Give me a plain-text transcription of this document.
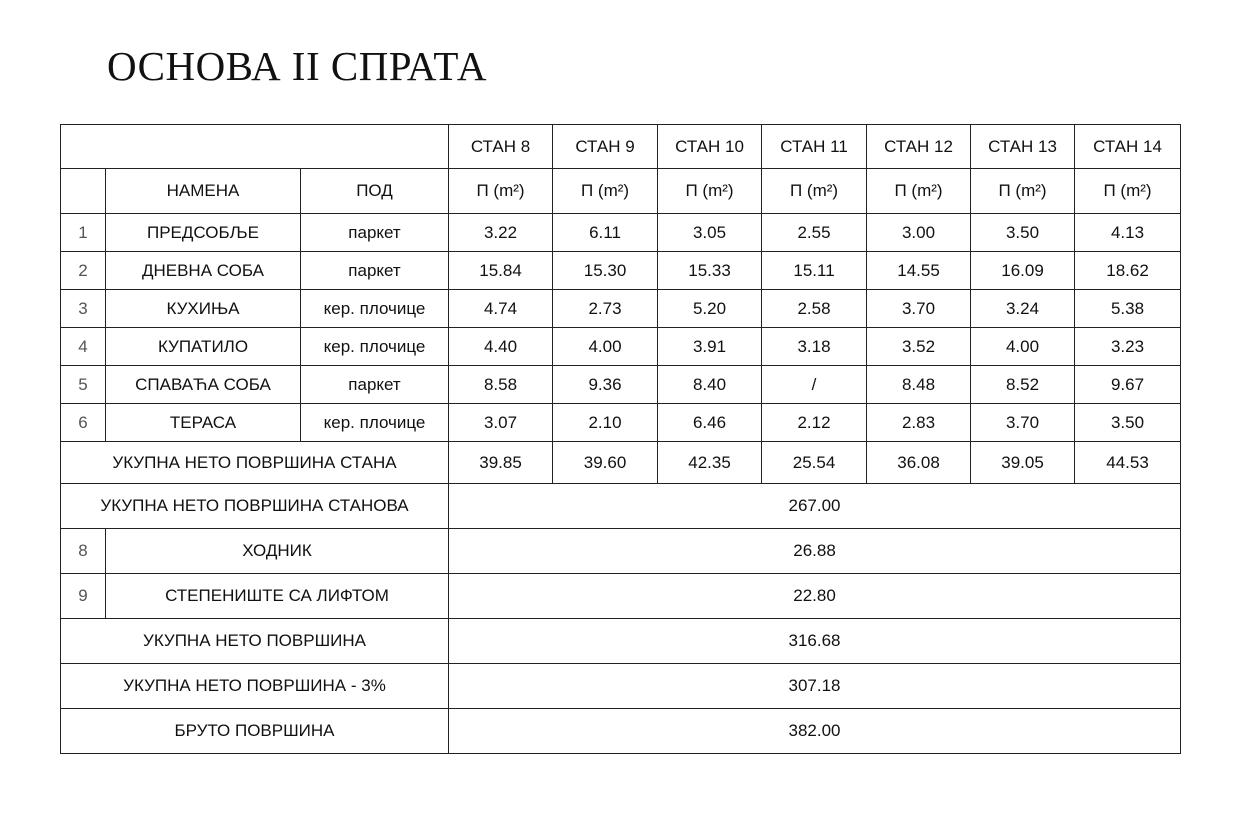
ОСНОВА II СПРАТА
			СТАН 8	СТАН 9	СТАН 10	СТАН 11	СТАН 12	СТАН 13	СТАН 14
	НАМЕНА	ПОД	П (m²)	П (m²)	П (m²)	П (m²)	П (m²)	П (m²)	П (m²)
1	ПРЕДСОБЉЕ	паркет	3.22	6.11	3.05	2.55	3.00	3.50	4.13
2	ДНЕВНА СОБА	паркет	15.84	15.30	15.33	15.11	14.55	16.09	18.62
3	КУХИЊА	кер. плочице	4.74	2.73	5.20	2.58	3.70	3.24	5.38
4	КУПАТИЛО	кер. плочице	4.40	4.00	3.91	3.18	3.52	4.00	3.23
5	СПАВАЋА СОБА	паркет	8.58	9.36	8.40	/	8.48	8.52	9.67
6	ТЕРАСА	кер. плочице	3.07	2.10	6.46	2.12	2.83	3.70	3.50
УКУПНА НЕТО ПОВРШИНА СТАНА			39.85	39.60	42.35	25.54	36.08	39.05	44.53
УКУПНА НЕТО ПОВРШИНА СТАНОВА			267.00						
8	ХОДНИК		26.88						
9	СТЕПЕНИШТЕ СА ЛИФТОМ		22.80						
УКУПНА НЕТО ПОВРШИНА			316.68						
УКУПНА НЕТО ПОВРШИНА - 3%			307.18						
БРУТО ПОВРШИНА			382.00						
